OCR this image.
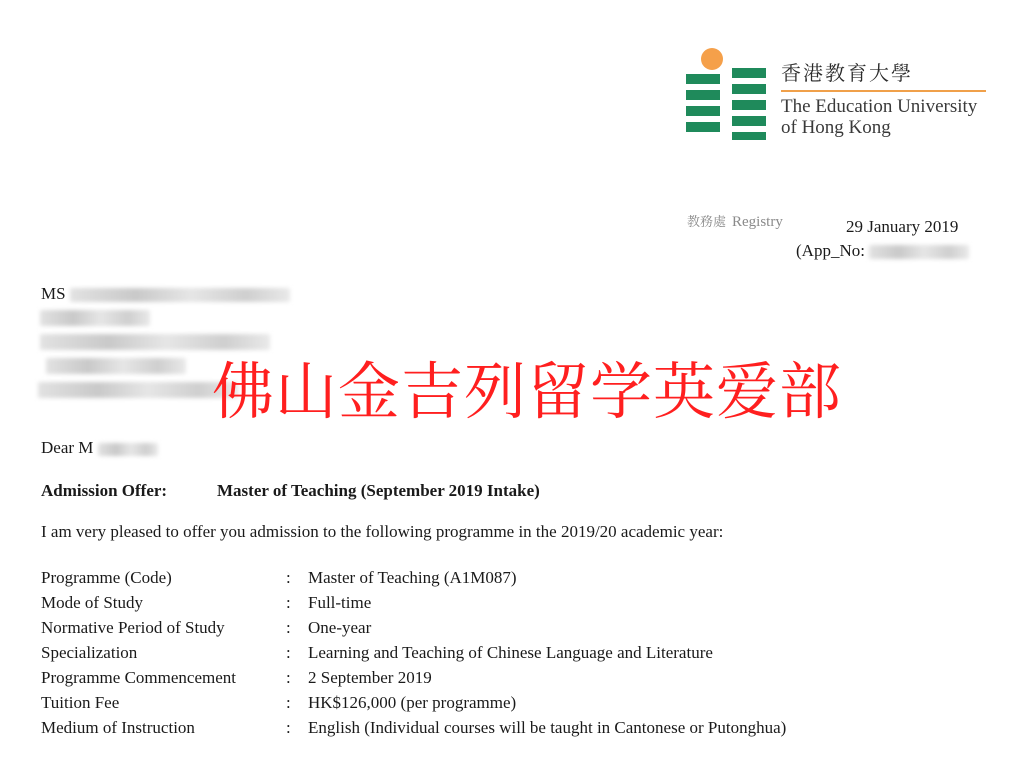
香港教育大學
The Education University
of Hong Kong
教務處 Registry	29 January 2019
(App_No:
MS
佛山金吉列留学英爱部
Dear M
Admission Offer:	Master of Teaching (September 2019 Intake)
I am very pleased to offer you admission to the following programme in the 2019/20 academic year:
Programme (Code)	: Master of Teaching (A1M087)
Mode of Study	: Full-time
Normative Period of Study	: One-year
Specialization	: Learning and Teaching of Chinese Language and Literature
Programme Commencement	: 2 September 2019
Tuition Fee	: HK$126,000 (per programme)
Medium of Instruction	: English (Individual courses will be taught in Cantonese or Putonghua)
